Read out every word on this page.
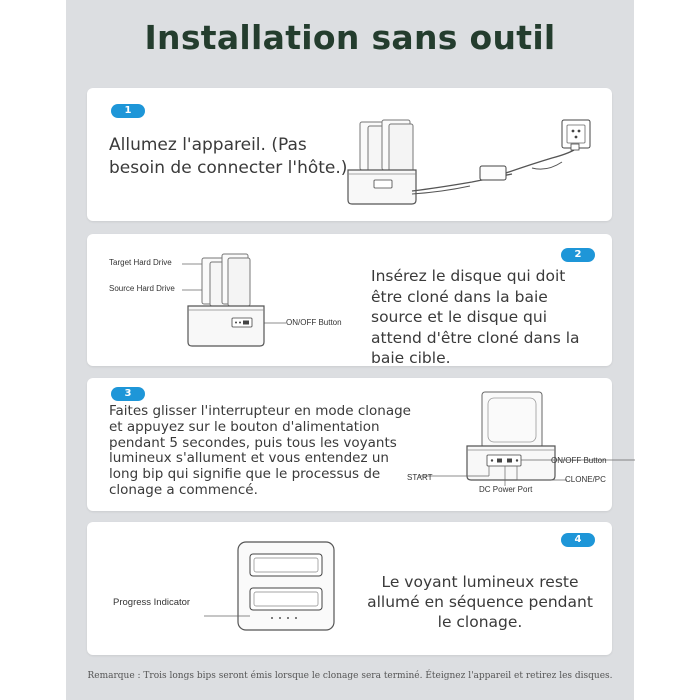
Installation sans outil
1
Allumez l'appareil. (Pas
besoin de connecter l'hôte.)
2
Target Hard Drive
Source Hard Drive
ON/OFF Button
Insérez le disque qui doit
être cloné dans la baie
source et le disque qui
attend d'être cloné dans la
baie cible.
3
Faites glisser l'interrupteur en mode clonage
et appuyez sur le bouton d'alimentation
pendant 5 secondes, puis tous les voyants
lumineux s'allument et vous entendez un
long bip qui signifie que le processus de
clonage a commencé.
ON/OFF Button
START	CLONE/PC
DC Power Port
4
Progress Indicator
Le voyant lumineux reste
allumé en séquence pendant
le clonage.
Remarque : Trois longs bips seront émis lorsque le clonage sera terminé. Éteignez l'appareil et retirez les disques.
